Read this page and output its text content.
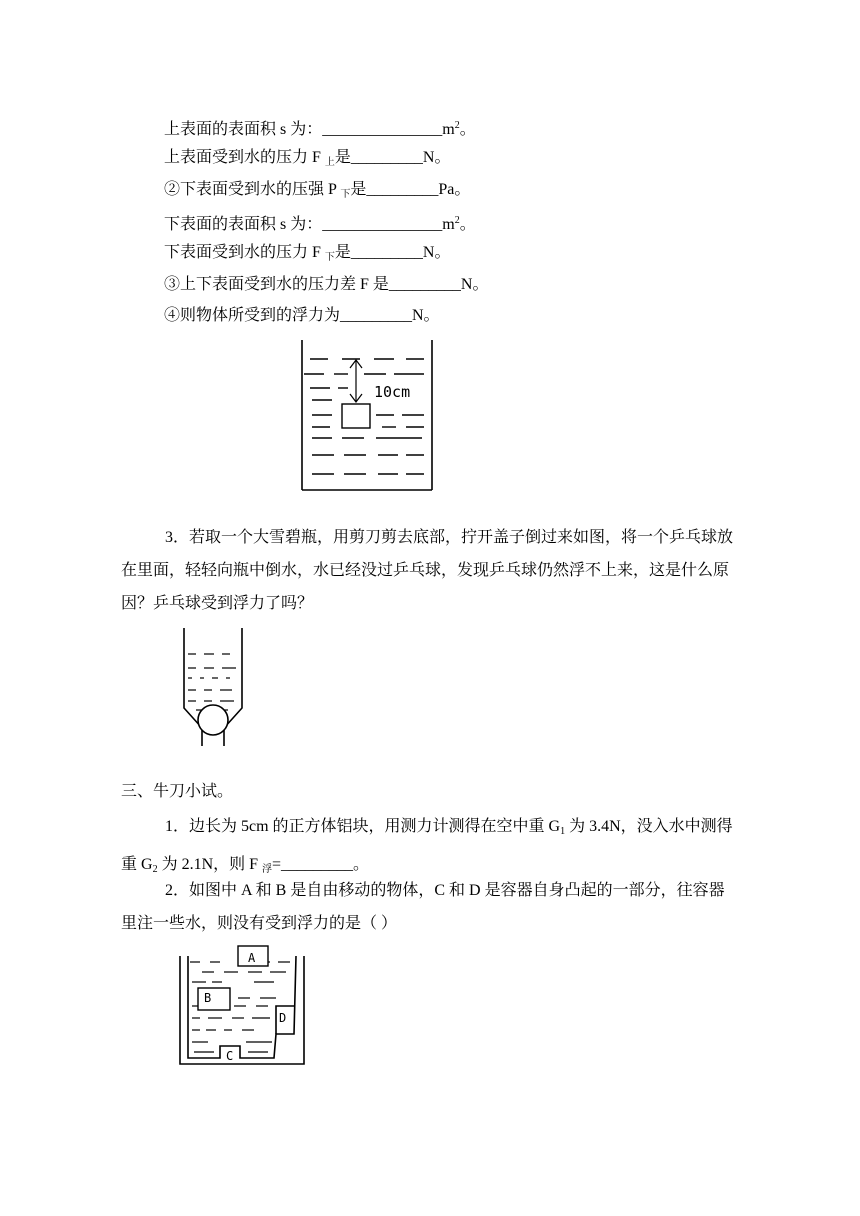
上表面的表面积 s 为：$\_\_\_\_\_\_\_\_\_\_\_\_\_\_\_m^2$。
上表面受到水的压力 F $_上$是_________N。
②下表面受到水的压强 P $_下$是_________Pa。
下表面的表面积 s 为：$\_\_\_\_\_\_\_\_\_\_\_\_\_\_\_m^2$。
下表面受到水的压力 F $_下$是_________N。
③上下表面受到水的压力差 F 是_________N。
④则物体所受到的浮力为_________N。
10cm
3．若取一个大雪碧瓶，用剪刀剪去底部，拧开盖子倒过来如图，将一个乒乓球放在里面，轻轻向瓶中倒水，水已经没过乒乓球，发现乒乓球仍然浮不上来，这是什么原因？乒乓球受到浮力了吗？
三、牛刀小试。
1．边长为 5cm 的正方体铝块，用测力计测得在空中重 $G_1$ 为 3.4N，没入水中测得重 $G_2$ 为 2.1N，则 F $_浮$=_________。
2．如图中 A 和 B 是自由移动的物体，C 和 D 是容器自身凸起的一部分，往容器里注一些水，则没有受到浮力的是（ ）
A
B
C
D
